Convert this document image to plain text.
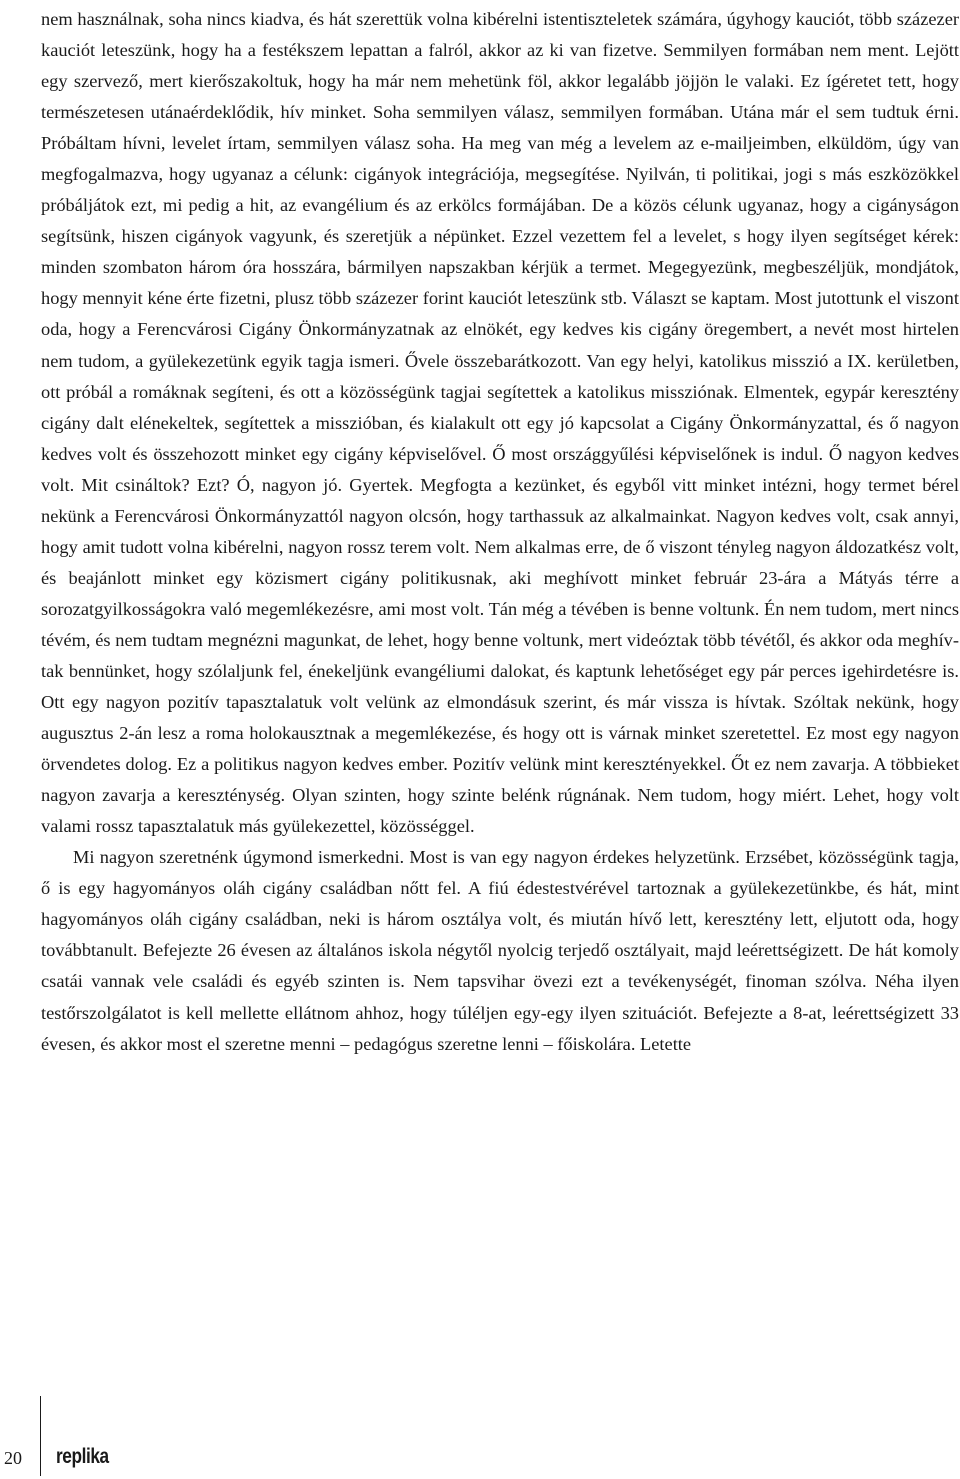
nem használnak, soha nincs kiadva, és hát szerettük volna kibérelni istentiszteletek számára, úgyhogy kauciót, több százezer kauciót leteszünk, hogy ha a festékszem lepattan a falról, akkor az ki van fizetve. Semmilyen formában nem ment. Lejött egy szervező, mert kierőszakoltuk, hogy ha már nem mehetünk föl, akkor legalább jöjjön le valaki. Ez ígéretet tett, hogy természetesen utánaérdeklődik, hív minket. Soha semmilyen válasz, semmilyen formában. Utána már el sem tudtuk érni. Próbáltam hívni, levelet írtam, semmilyen válasz soha. Ha meg van még a levelem az e-mailjeimben, elküldöm, úgy van megfogalmazva, hogy ugyanaz a célunk: cigányok integrációja, megsegítése. Nyilván, ti politikai, jogi s más eszközökkel próbáljátok ezt, mi pedig a hit, az evangélium és az erkölcs formájában. De a közös célunk ugyanaz, hogy a cigányságon segítsünk, hiszen cigányok vagyunk, és szeretjük a népünket. Ezzel vezettem fel a levelet, s hogy ilyen segítséget kérek: minden szombaton három óra hosszára, bármilyen napszakban kérjük a termet. Megegyezünk, megbeszéljük, mondjátok, hogy mennyit kéne érte fizetni, plusz több százezer forint kauciót leteszünk stb. Választ se kaptam. Most jutottunk el viszont oda, hogy a Ferencvárosi Cigány Önkormányzatnak az elnökét, egy kedves kis cigány öregembert, a nevét most hirtelen nem tudom, a gyülekezetünk egyik tagja ismeri. Ővele összebarátkozott. Van egy helyi, katolikus misszió a IX. kerületben, ott próbál a romáknak segíteni, és ott a közösségünk tagjai segítettek a katolikus missziónak. Elmentek, egypár keresztény cigány dalt elénekeltek, segítettek a misszióban, és kialakult ott egy jó kapcsolat a Cigány Önkormányzattal, és ő nagyon kedves volt és összehozott minket egy cigány képviselővel. Ő most országgyűlési képviselőnek is indul. Ő nagyon kedves volt. Mit csináltok? Ezt? Ó, nagyon jó. Gyertek. Megfogta a kezünket, és egyből vitt minket intézni, hogy termet bérel nekünk a Ferencvárosi Önkormányzattól nagyon olcsón, hogy tarthassuk az alkalmainkat. Nagyon kedves volt, csak annyi, hogy amit tudott volna kibérelni, nagyon rossz terem volt. Nem alkalmas erre, de ő viszont tényleg nagyon áldozatkész volt, és beajánlott minket egy közismert cigány politikusnak, aki meghívott minket február 23-ára a Mátyás térre a sorozatgyilkosságokra való megemlékezésre, ami most volt. Tán még a tévében is benne voltunk. Én nem tudom, mert nincs tévém, és nem tudtam megnézni magunkat, de lehet, hogy benne voltunk, mert videóztak több tévétől, és akkor oda meghívtak bennünket, hogy szólaljunk fel, énekeljünk evangéliumi dalokat, és kaptunk lehetőséget egy pár perces igehirdetésre is. Ott egy nagyon pozitív tapasztalatuk volt velünk az elmondásuk szerint, és már vissza is hívtak. Szóltak nekünk, hogy augusztus 2-án lesz a roma holokausztnak a megemlékezése, és hogy ott is várnak minket szeretettel. Ez most egy nagyon örvendetes dolog. Ez a politikus nagyon kedves ember. Pozitív velünk mint keresztényekkel. Őt ez nem zavarja. A többieket nagyon zavarja a kereszténység. Olyan szinten, hogy szinte belénk rúgnának. Nem tudom, hogy miért. Lehet, hogy volt valami rossz tapasztalatuk más gyülekezettel, közösséggel.

Mi nagyon szeretnénk úgymond ismerkedni. Most is van egy nagyon érdekes helyzetünk. Erzsébet, közösségünk tagja, ő is egy hagyományos oláh cigány családban nőtt fel. A fiú édestestvérével tartoznak a gyülekezetünkbe, és hát, mint hagyományos oláh cigány családban, neki is három osztálya volt, és miután hívő lett, keresztény lett, eljutott oda, hogy továbbtanult. Befejezte 26 évesen az általános iskola négytől nyolcig terjedő osztályait, majd leérettségizett. De hát komoly csatái vannak vele családi és egyéb szinten is. Nem tapsvihar övezi ezt a tevékenységét, finoman szólva. Néha ilyen testőrszolgálatot is kell mellette ellátnom ahhoz, hogy túléljen egy-egy ilyen szituációt. Befejezte a 8-at, leérettségizett 33 évesen, és akkor most el szeretne menni – pedagógus szeretne lenni – főiskolára. Letette

20 replika
